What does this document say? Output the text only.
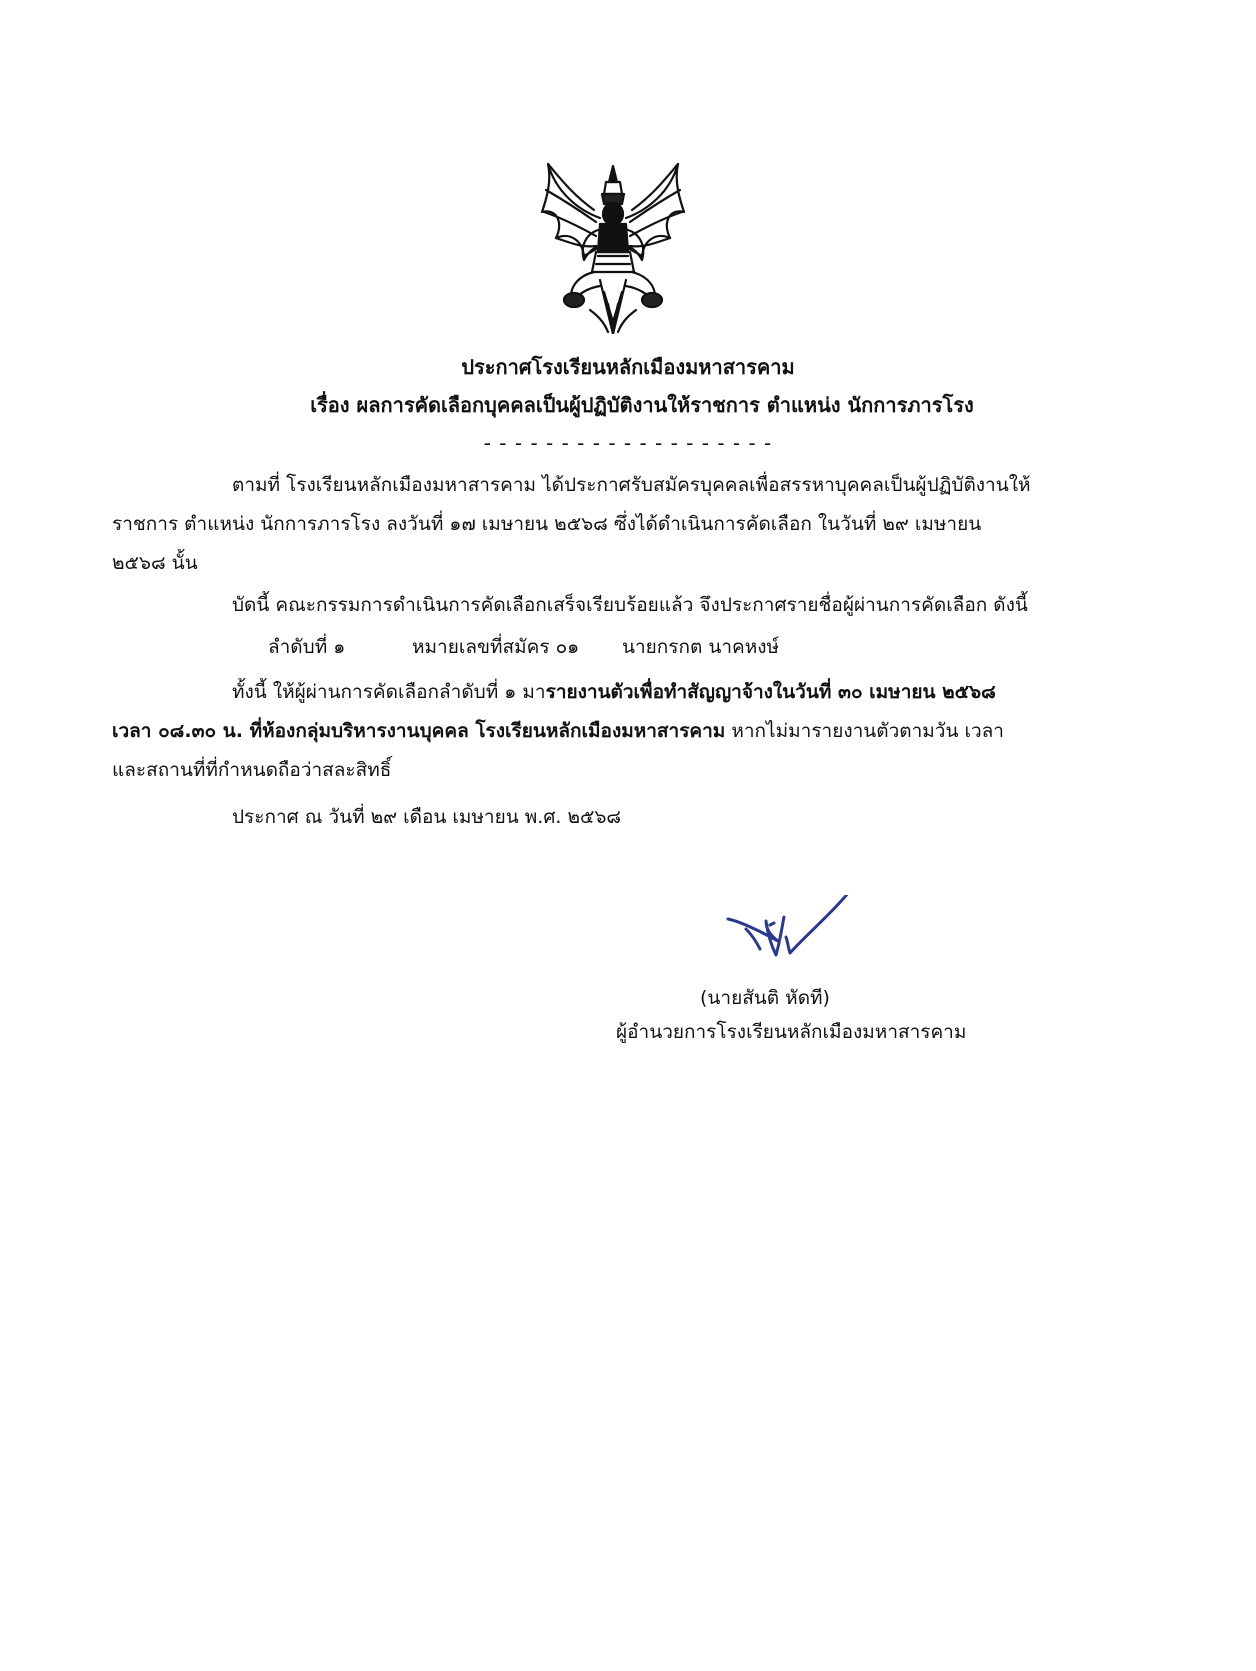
ประกาศโรงเรียนหลักเมืองมหาสารคาม
เรื่อง ผลการคัดเลือกบุคคลเป็นผู้ปฏิบัติงานให้ราชการ ตำแหน่ง นักการภารโรง
- - - - - - - - - - - - - - - - - - -
ตามที่ โรงเรียนหลักเมืองมหาสารคาม ได้ประกาศรับสมัครบุคคลเพื่อสรรหาบุคคลเป็นผู้ปฏิบัติงานให้
ราชการ ตำแหน่ง นักการภารโรง ลงวันที่ ๑๗ เมษายน ๒๕๖๘ ซึ่งได้ดำเนินการคัดเลือก ในวันที่ ๒๙ เมษายน
๒๕๖๘ นั้น
บัดนี้ คณะกรรมการดำเนินการคัดเลือกเสร็จเรียบร้อยแล้ว จึงประกาศรายชื่อผู้ผ่านการคัดเลือก ดังนี้
ลำดับที่ ๑	หมายเลขที่สมัคร ๐๑ นายกรกต นาคหงษ์
ทั้งนี้ ให้ผู้ผ่านการคัดเลือกลำดับที่ ๑ มารายงานตัวเพื่อทำสัญญาจ้างในวันที่ ๓๐ เมษายน ๒๕๖๘
เวลา ๐๘.๓๐ น. ที่ห้องกลุ่มบริหารงานบุคคล โรงเรียนหลักเมืองมหาสารคาม หากไม่มารายงานตัวตามวัน เวลา
และสถานที่ที่กำหนดถือว่าสละสิทธิ์
ประกาศ ณ วันที่ ๒๙ เดือน เมษายน พ.ศ. ๒๕๖๘
(นายสันติ หัดที)
ผู้อำนวยการโรงเรียนหลักเมืองมหาสารคาม
